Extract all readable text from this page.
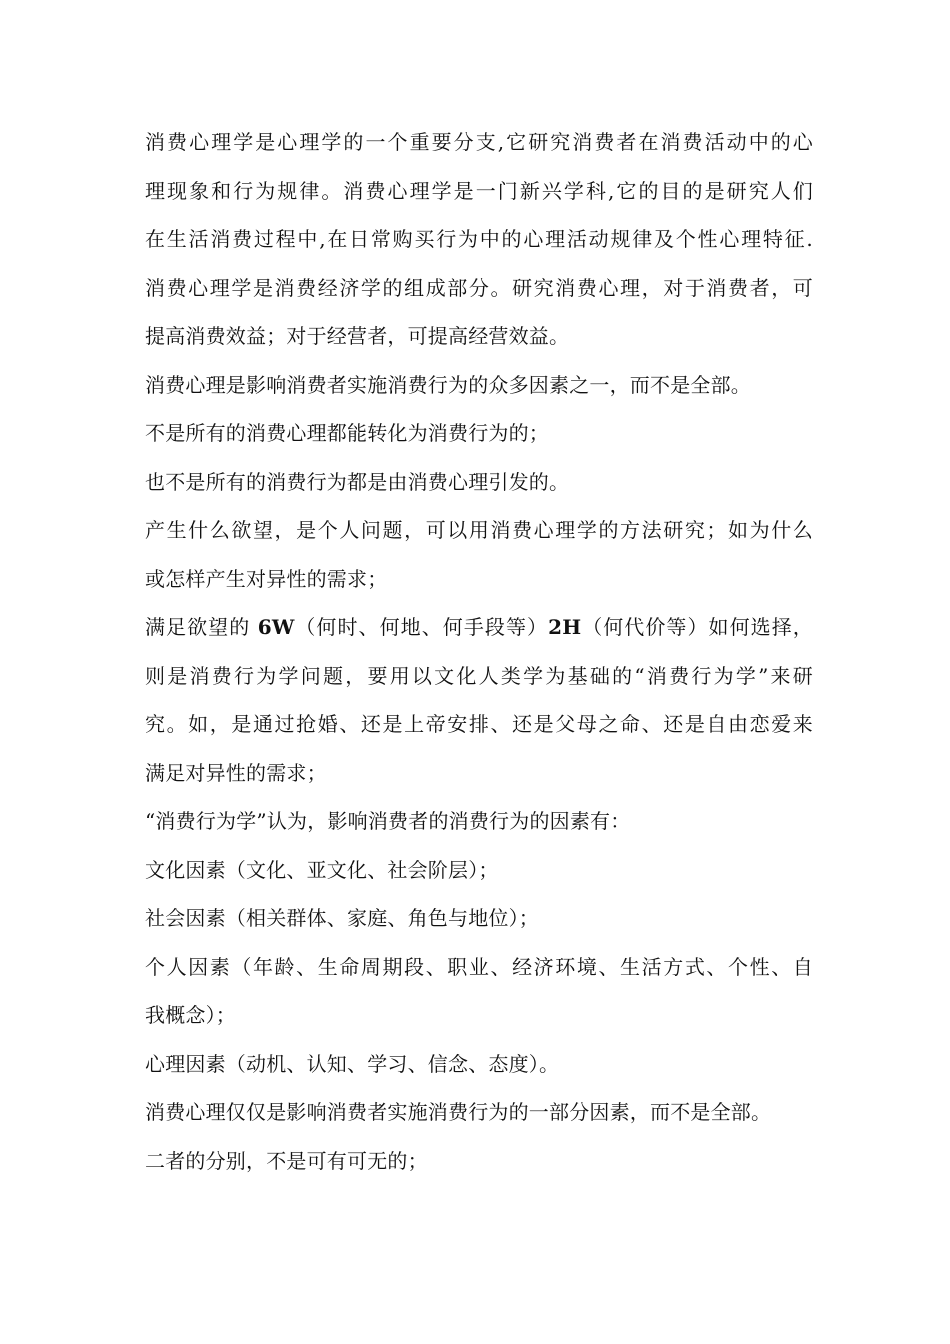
消费心理学是心理学的一个重要分支,它研究消费者在消费活动中的心
理现象和行为规律。消费心理学是一门新兴学科,它的目的是研究人们
在生活消费过程中,在日常购买行为中的心理活动规律及个性心理特征.
消费心理学是消费经济学的组成部分。研究消费心理，对于消费者，可
提高消费效益；对于经营者，可提高经营效益。
消费心理是影响消费者实施消费行为的众多因素之一，而不是全部。
不是所有的消费心理都能转化为消费行为的；
也不是所有的消费行为都是由消费心理引发的。
产生什么欲望，是个人问题，可以用消费心理学的方法研究；如为什么
或怎样产生对异性的需求；
满足欲望的 6W（何时、何地、何手段等）2H（何代价等）如何选择，
则是消费行为学问题，要用以文化人类学为基础的“消费行为学”来研
究。如，是通过抢婚、还是上帝安排、还是父母之命、还是自由恋爱来
满足对异性的需求；
“消费行为学”认为，影响消费者的消费行为的因素有：
文化因素（文化、亚文化、社会阶层）；
社会因素（相关群体、家庭、角色与地位）；
个人因素（年龄、生命周期段、职业、经济环境、生活方式、个性、自
我概念）；
心理因素（动机、认知、学习、信念、态度）。
消费心理仅仅是影响消费者实施消费行为的一部分因素，而不是全部。
二者的分别，不是可有可无的；
